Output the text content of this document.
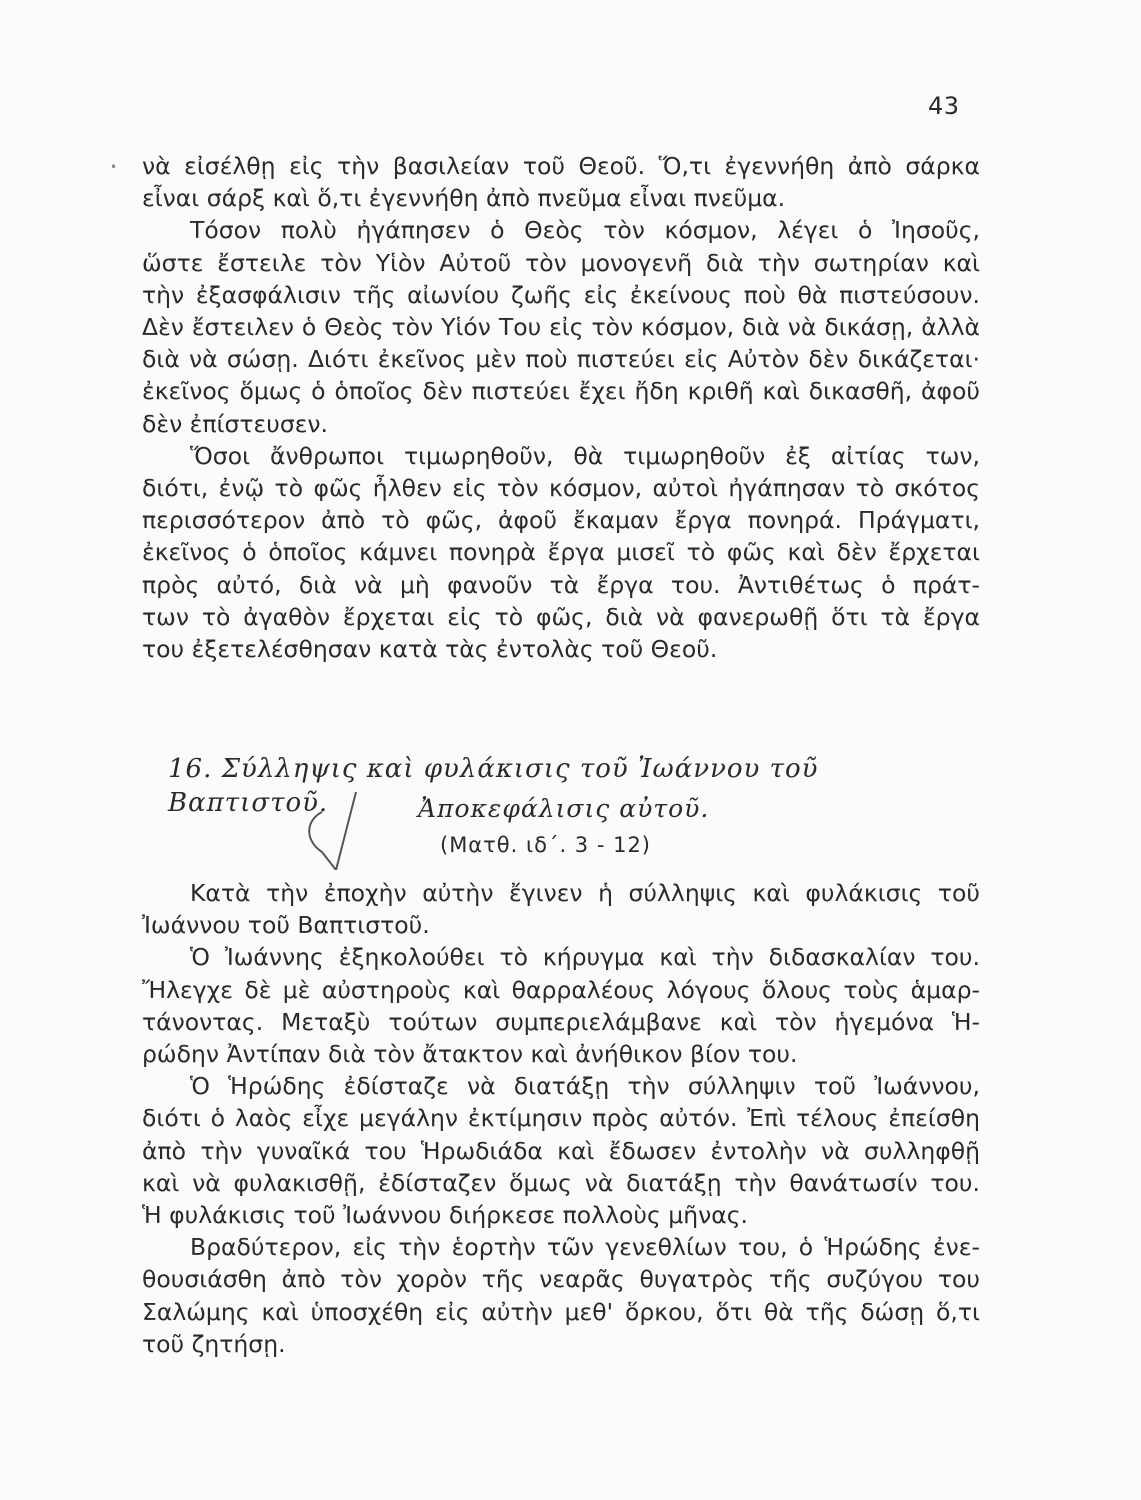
43
• νὰ εἰσέλθῃ εἰς τὴν βασιλείαν τοῦ Θεοῦ. Ὅ,τι ἐγεννήθη ἀπὸ σάρκα
εἶναι σάρξ καὶ ὅ,τι ἐγεννήθη ἀπὸ πνεῦμα εἶναι πνεῦμα.
Τόσον πολὺ ἠγάπησεν ὁ Θεὸς τὸν κόσμον, λέγει ὁ Ἰησοῦς,
ὥστε ἔστειλε τὸν Υἱὸν Αὐτοῦ τὸν μονογενῆ διὰ τὴν σωτηρίαν καὶ
τὴν ἐξασφάλισιν τῆς αἰωνίου ζωῆς εἰς ἐκείνους ποὺ θὰ πιστεύσουν.
Δὲν ἔστειλεν ὁ Θεὸς τὸν Υἱόν Του εἰς τὸν κόσμον, διὰ νὰ δικάσῃ, ἀλλὰ
διὰ νὰ σώσῃ. Διότι ἐκεῖνος μὲν ποὺ πιστεύει εἰς Αὐτὸν δὲν δικάζεται·
ἐκεῖνος ὅμως ὁ ὁποῖος δὲν πιστεύει ἔχει ἤδη κριθῆ καὶ δικασθῆ, ἀφοῦ
δὲν ἐπίστευσεν.
Ὅσοι ἄνθρωποι τιμωρηθοῦν, θὰ τιμωρηθοῦν ἐξ αἰτίας των,
διότι, ἐνῷ τὸ φῶς ἦλθεν εἰς τὸν κόσμον, αὐτοὶ ἠγάπησαν τὸ σκότος
περισσότερον ἀπὸ τὸ φῶς, ἀφοῦ ἔκαμαν ἔργα πονηρά. Πράγματι,
ἐκεῖνος ὁ ὁποῖος κάμνει πονηρὰ ἔργα μισεῖ τὸ φῶς καὶ δὲν ἔρχεται
πρὸς αὐτό, διὰ νὰ μὴ φανοῦν τὰ ἔργα του. Ἀντιθέτως ὁ πράτ-
των τὸ ἀγαθὸν ἔρχεται εἰς τὸ φῶς, διὰ νὰ φανερωθῇ ὅτι τὰ ἔργα
του ἐξετελέσθησαν κατὰ τὰς ἐντολὰς τοῦ Θεοῦ.
16. Σύλληψις καὶ φυλάκισις τοῦ Ἰωάννου τοῦ Βαπτιστοῦ.	Ἀποκεφάλισις αὐτοῦ.
(Ματθ. ιδ΄. 3 - 12)
Κατὰ τὴν ἐποχὴν αὐτὴν ἔγινεν ἡ σύλληψις καὶ φυλάκισις τοῦ
Ἰωάννου τοῦ Βαπτιστοῦ.
Ὁ Ἰωάννης ἐξηκολούθει τὸ κήρυγμα καὶ τὴν διδασκαλίαν του.
Ἤλεγχε δὲ μὲ αὐστηροὺς καὶ θαρραλέους λόγους ὅλους τοὺς ἁμαρ-
τάνοντας. Μεταξὺ τούτων συμπεριελάμβανε καὶ τὸν ἡγεμόνα Ἡ-
ρώδην Ἀντίπαν διὰ τὸν ἄτακτον καὶ ἀνήθικον βίον του.
Ὁ Ἡρώδης ἐδίσταζε νὰ διατάξῃ τὴν σύλληψιν τοῦ Ἰωάννου,
διότι ὁ λαὸς εἶχε μεγάλην ἐκτίμησιν πρὸς αὐτόν. Ἐπὶ τέλους ἐπείσθη
ἀπὸ τὴν γυναῖκά του Ἡρωδιάδα καὶ ἔδωσεν ἐντολὴν νὰ συλληφθῇ
καὶ νὰ φυλακισθῇ, ἐδίσταζεν ὅμως νὰ διατάξῃ τὴν θανάτωσίν του.
Ἡ φυλάκισις τοῦ Ἰωάννου διήρκεσε πολλοὺς μῆνας.
Βραδύτερον, εἰς τὴν ἑορτὴν τῶν γενεθλίων του, ὁ Ἡρώδης ἐνε-
θουσιάσθη ἀπὸ τὸν χορὸν τῆς νεαρᾶς θυγατρὸς τῆς συζύγου του
Σαλώμης καὶ ὑποσχέθη εἰς αὐτὴν μεθ' ὅρκου, ὅτι θὰ τῆς δώσῃ ὅ,τι
τοῦ ζητήσῃ.
